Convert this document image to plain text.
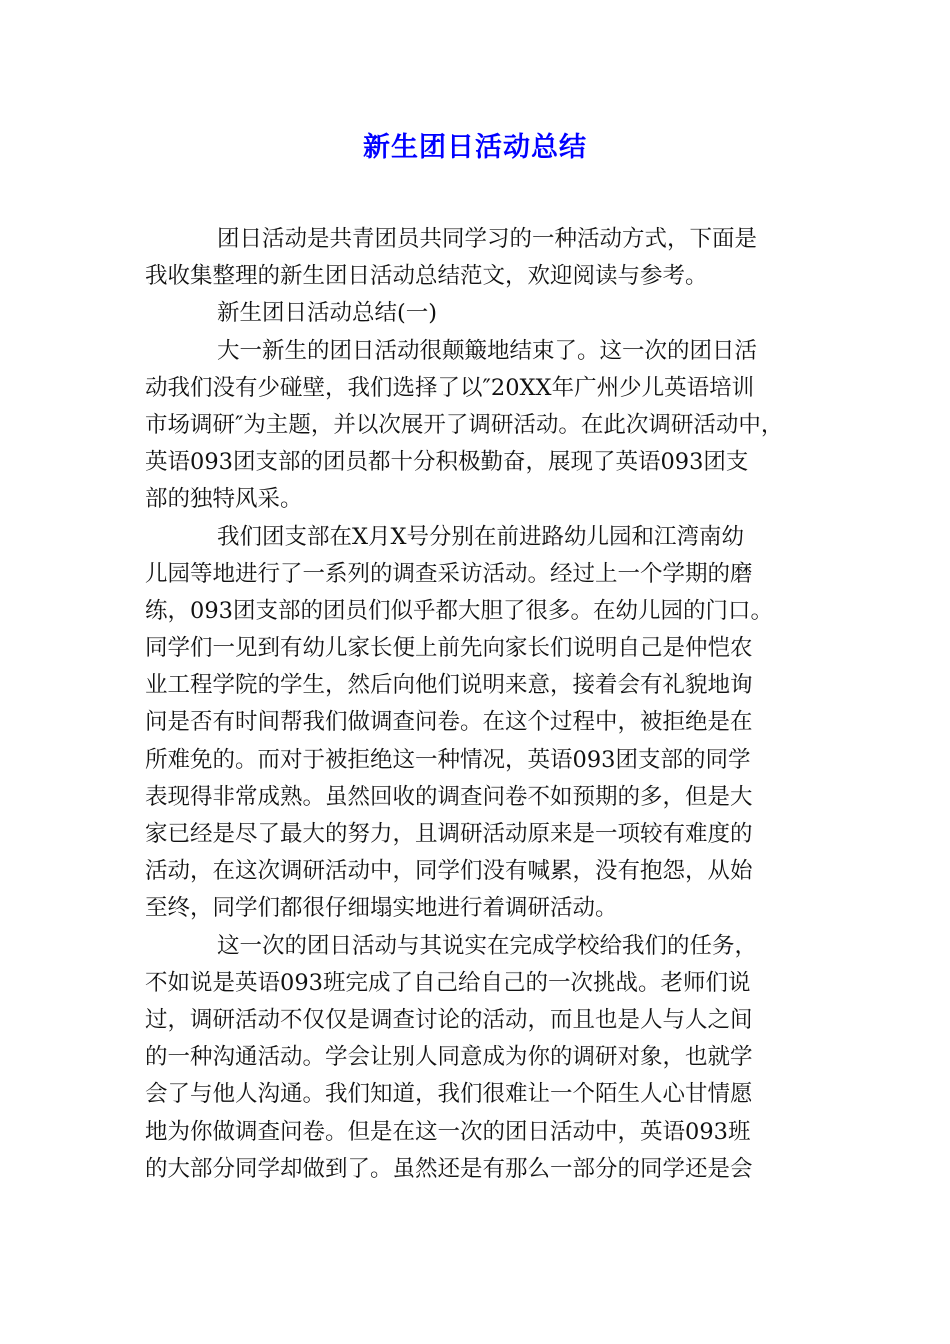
新生团日活动总结
团日活动是共青团员共同学习的一种活动方式，下面是
我收集整理的新生团日活动总结范文，欢迎阅读与参考。
新生团日活动总结(一)
大一新生的团日活动很颠簸地结束了。这一次的团日活
动我们没有少碰壁，我们选择了以″20XX年广州少儿英语培训
市场调研″为主题，并以次展开了调研活动。在此次调研活动中，
英语093团支部的团员都十分积极勤奋，展现了英语093团支
部的独特风采。
我们团支部在X月X号分别在前进路幼儿园和江湾南幼
儿园等地进行了一系列的调查采访活动。经过上一个学期的磨
练，093团支部的团员们似乎都大胆了很多。在幼儿园的门口。
同学们一见到有幼儿家长便上前先向家长们说明自己是仲恺农
业工程学院的学生，然后向他们说明来意，接着会有礼貌地询
问是否有时间帮我们做调查问卷。在这个过程中，被拒绝是在
所难免的。而对于被拒绝这一种情况，英语093团支部的同学
表现得非常成熟。虽然回收的调查问卷不如预期的多，但是大
家已经是尽了最大的努力，且调研活动原来是一项较有难度的
活动，在这次调研活动中，同学们没有喊累，没有抱怨，从始
至终，同学们都很仔细塌实地进行着调研活动。
这一次的团日活动与其说实在完成学校给我们的任务，
不如说是英语093班完成了自己给自己的一次挑战。老师们说
过，调研活动不仅仅是调查讨论的活动，而且也是人与人之间
的一种沟通活动。学会让别人同意成为你的调研对象，也就学
会了与他人沟通。我们知道，我们很难让一个陌生人心甘情愿
地为你做调查问卷。但是在这一次的团日活动中，英语093班
的大部分同学却做到了。虽然还是有那么一部分的同学还是会
